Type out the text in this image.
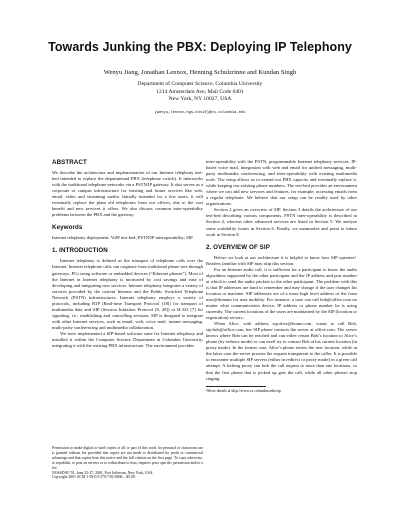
Towards Junking the PBX: Deploying IP Telephony
Wenyu Jiang, Jonathan Lennox, Henning Schulzrinne and Kundan Singh
Department of Computer Science, Columbia University
1214 Amsterdam Ave, Mail Code 0401
New York, NY 10027, USA
{wenyu,lennox,hgs,kns10}@cs.columbia.edu
ABSTRACT

We describe the architecture and implementation of our Internet telephony test-bed intended to replace the departmental PBX (telephone switch). It interworks with the traditional telephone networks via a PSTN/IP gateway. It also serves as a corporate or campus infrastructure for existing and future services like web, email, video and streaming media. Initially intended for a few users, it will eventually replace the plain old telephones from our offices, due to the cost benefit and new services it offers. We also discuss common inter-operability problems between the PBX and the gateway.

Keywords

Internet telephony deployment; VoIP test-bed; PSTN/IP interoperability; SIP

1. INTRODUCTION

Internet telephony is defined as the transport of telephone calls over the Internet. Internet telephone calls can originate from traditional phone sets through gateways, PCs using software or embedded devices (“Ethernet phones”). Most of the Internet in Internet telephony is motivated by cost savings and ease of developing and integrating new services. Internet telephony integrates a variety of services provided by the current Internet and the Public Switched Telephone Network (PSTN) infrastructures. Internet telephony employs a variety of protocols, including RTP (Real-time Transport Protocol [18]) for transport of multimedia data and SIP (Session Initiation Protocol [8, 20]) or H.323 [7] for signaling, i.e., establishing and controlling sessions. SIP is designed to integrate with other Internet services, such as email, web, voice mail, instant messaging, multi-party conferencing and multimedia collaboration.

We have implemented a SIP-based software suite for Internet telephony and installed it within the Computer Science Department at Columbia University, integrating it with the existing PBX infrastructure. The environment provides

Permission to make digital or hard copies of all or part of this work for personal or classroom use is granted without fee provided that copies are not made or distributed for profit or commercial advantage and that copies bear this notice and the full citation on the first page. To copy otherwise, to republish, to post on servers or to redistribute to lists, requires prior specific permission and/or a fee.
NOSSDAV’01, June 25-27, 2001, Port Jefferson, New York, USA.
Copyright 2001 ACM 1-58113-370-7/01/0006 ...$5.00.

inter-operability with the PSTN, programmable Internet telephony services, IP-based voice mail, integration with web and email for unified messaging, multi-party multimedia conferencing, and inter-operability with existing multimedia tools. The setup allows us to extend our PBX capacity and eventually replace it, while keeping our existing phone numbers. The test-bed provides an environment where we can add new services and features, for example, accessing emails from a regular telephone. We believe that our setup can be readily used by other organizations.

Section 2 gives an overview of SIP. Section 3 details the architecture of our test-bed describing various components. PSTN inter-operability is described in Section 4, whereas other advanced services are listed in Section 5. We analyze some scalability issues in Section 6. Finally, we summarize and point to future work in Section 8.

2. OVERVIEW OF SIP

Before we look at our architecture it is helpful to know how SIP operates¹. Readers familiar with SIP may skip this section.

For an Internet audio call, it is sufficient for a participant to know the audio algorithms supported by the other participant and the IP address and port number at which to send the audio packets to the other participant. The problem with this is that IP addresses are hard to remember and may change if the user changes his location or machine. SIP addresses are of a more high level address of the form user@domain for user mobility. For instance, a user can call bob@office.com no matter what communication device, IP address or phone number he is using currently. The current locations of the users are maintained by the SIP (location or registration) servers.

When Alice, with address sip:alice@home.com, wants to call Bob, sip:bob@office.com, her SIP phone contacts the server at office.com. The server knows where Bob can be reached and can either return Bob’s location to Alice’s phone (by redirect mode) or can itself try to contact Bob at his current location (in proxy mode). In the former case, Alice’s phone retries the new location, while in the latter case the server proxies the request transparent to the caller. It is possible to encounter multiple SIP servers (either in redirect or proxy mode) in a given call attempt. A forking proxy can fork the call request to more than one locations, so that the first phone that is picked up gets the call, while all other phones stop ringing.

¹More details at http://www.cs.columbia.edu/sip
